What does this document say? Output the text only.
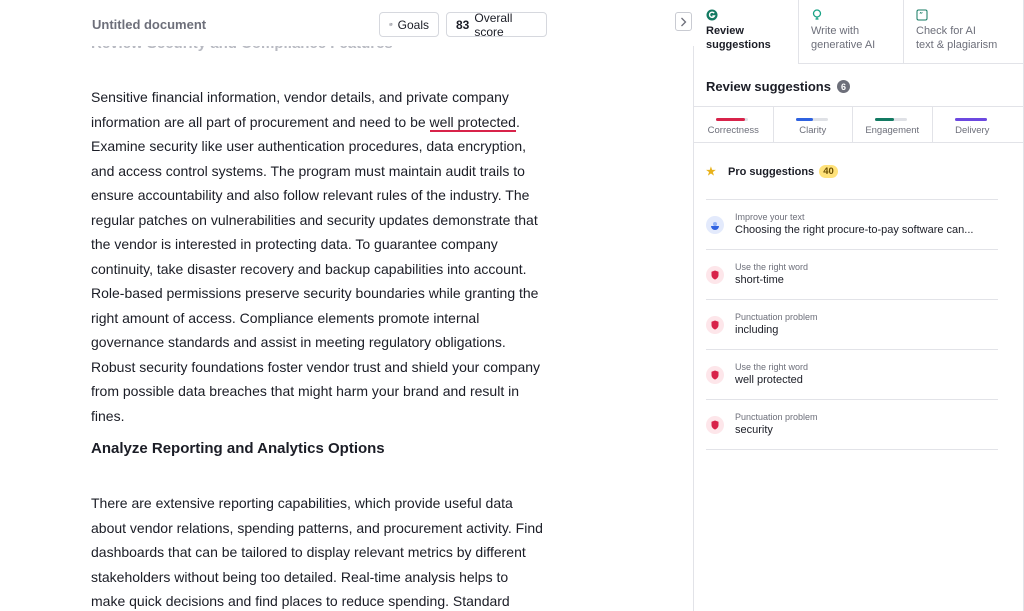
Untitled document	Goals 83 Overall score
Sensitive financial information, vendor details, and private company
information are all part of procurement and need to be well protected.
Examine security like user authentication procedures, data encryption,
and access control systems. The program must maintain audit trails to
ensure accountability and also follow relevant rules of the industry. The
regular patches on vulnerabilities and security updates demonstrate that
the vendor is interested in protecting data. To guarantee company
continuity, take disaster recovery and backup capabilities into account.
Role-based permissions preserve security boundaries while granting the
right amount of access. Compliance elements promote internal
governance standards and assist in meeting regulatory obligations.
Robust security foundations foster vendor trust and shield your company
from possible data breaches that might harm your brand and result in
fines.
Analyze Reporting and Analytics Options
There are extensive reporting capabilities, which provide useful data
about vendor relations, spending patterns, and procurement activity. Find
dashboards that can be tailored to display relevant metrics by different
stakeholders without being too detailed. Real-time analysis helps to
make quick decisions and find places to reduce spending. Standard
Review
suggestions
Write with
generative AI
”
Check for AI
text & plagiarism
Review suggestions	6
Correctness	Clarity	Engagement	Delivery
★ Pro suggestions 40
Improve your text
Choosing the right procure-to-pay software can...
Use the right word
short-time
Punctuation problem
including
Use the right word
well protected
Punctuation problem
security
